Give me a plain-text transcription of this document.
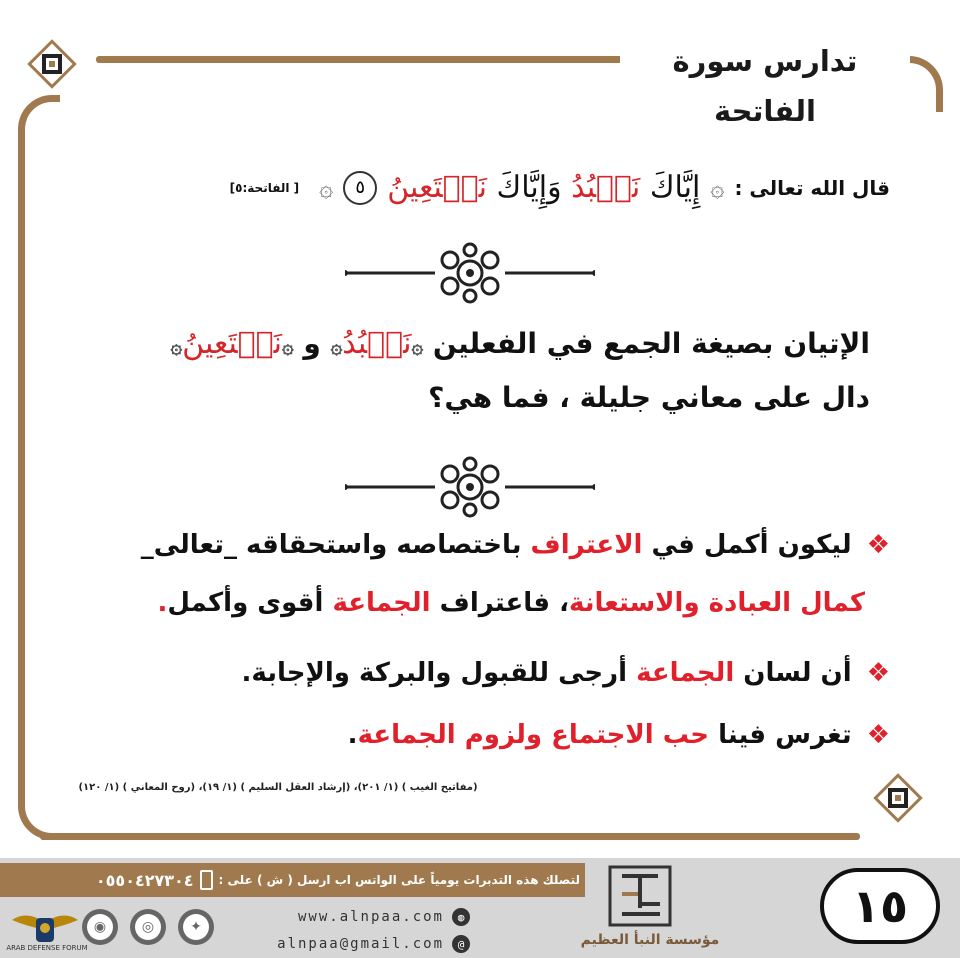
تدارس سورة الفاتحة
قال الله تعالى :
۞
إِيَّاكَ نَعۡبُدُ وَإِيَّاكَ نَسۡتَعِينُ
٥
۞
[ الفاتحة:٥]
الإتيان بصيغة الجمع في الفعلين ۞نَعۡبُدُ۞ و ۞نَسۡتَعِينُ۞
دال على معاني جليلة ، فما هي؟
❖ ليكون أكمل في الاعتراف باختصاصه واستحقاقه _تعالى_
كمال العبادة والاستعانة، فاعتراف الجماعة أقوى وأكمل.
❖ أن لسان الجماعة أرجى للقبول والبركة والإجابة.
❖ تغرس فينا حب الاجتماع ولزوم الجماعة.
(مفاتيح الغيب ) (١/ ٢٠١)، (إرشاد العقل السليم ) (١/ ١٩)، (روح المعاني ) (١/ ١٢٠)
لتصلك هذه التدبرات يومياً على الواتس اب ارسل ( ش ) على :
٠٥٥٠٤٢٧٣٠٤	١٥
مؤسسة النبأ العظيم
www.alnpaa.com	◍
alnpaa@gmail.com	@
✦
◎
◉
ARAB DEFENSE FORUM
